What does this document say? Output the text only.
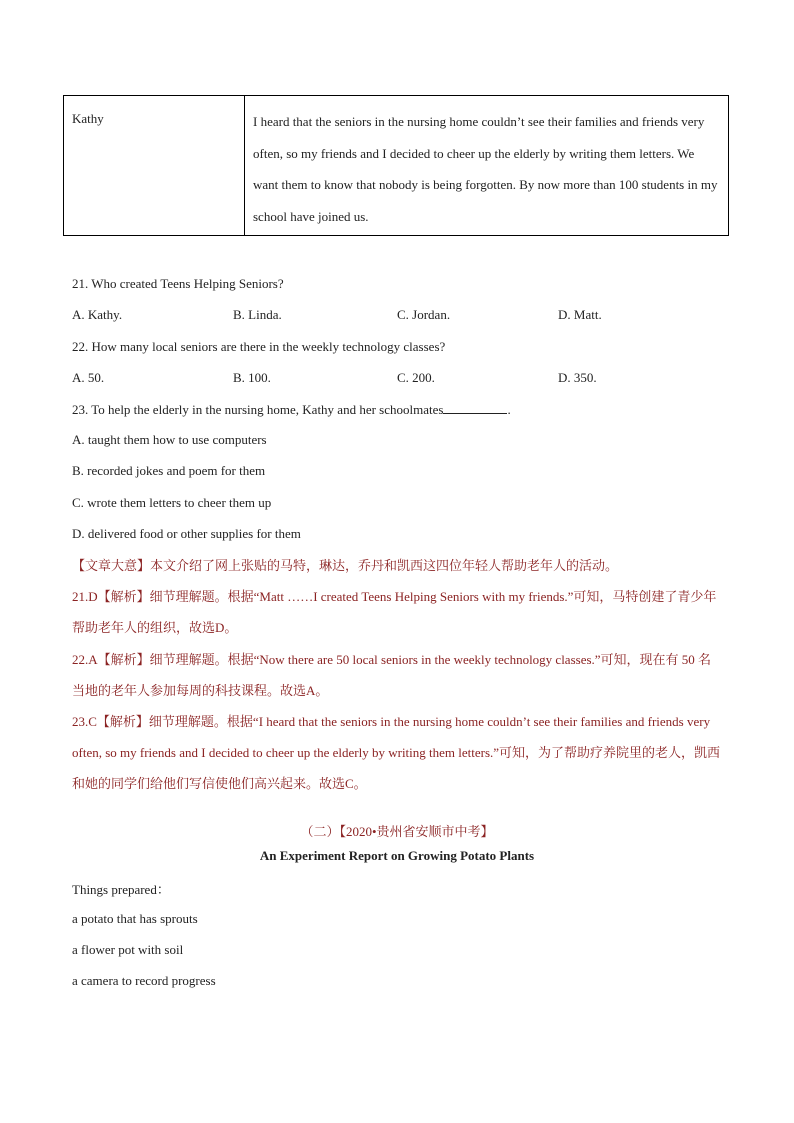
Kathy	I heard that the seniors in the nursing home couldn’t see their families and friends very often, so my friends and I decided to cheer up the elderly by writing them letters. We want them to know that nobody is being forgotten. By now more than 100 students in my school have joined us.
21. Who created Teens Helping Seniors?
A. Kathy.	B. Linda.	C. Jordan.	D. Matt.
22. How many local seniors are there in the weekly technology classes?
A. 50.	B. 100.	C. 200.	D. 350.
23. To help the elderly in the nursing home, Kathy and her schoolmates	.
A. taught them how to use computers
B. recorded jokes and poem for them
C. wrote them letters to cheer them up
D. delivered food or other supplies for them
【文章大意】本文介绍了网上张贴的马特，琳达，乔丹和凯西这四位年轻人帮助老年人的活动。
21.D【解析】细节理解题。根据“Matt ……I created Teens Helping Seniors with my friends.”可知，马特创建了青少年帮助老年人的组织，故选D。
22.A【解析】细节理解题。根据“Now there are 50 local seniors in the weekly technology classes.”可知，现在有 50 名当地的老年人参加每周的科技课程。故选A。
23.C【解析】细节理解题。根据“I heard that the seniors in the nursing home couldn’t see their families and friends very often, so my friends and I decided to cheer up the elderly by writing them letters.”可知，为了帮助疗养院里的老人，凯西和她的同学们给他们写信使他们高兴起来。故选C。
（二）【2020•贵州省安顺市中考】
An Experiment Report on Growing Potato Plants
Things prepared：
a potato that has sprouts
a flower pot with soil
a camera to record progress
